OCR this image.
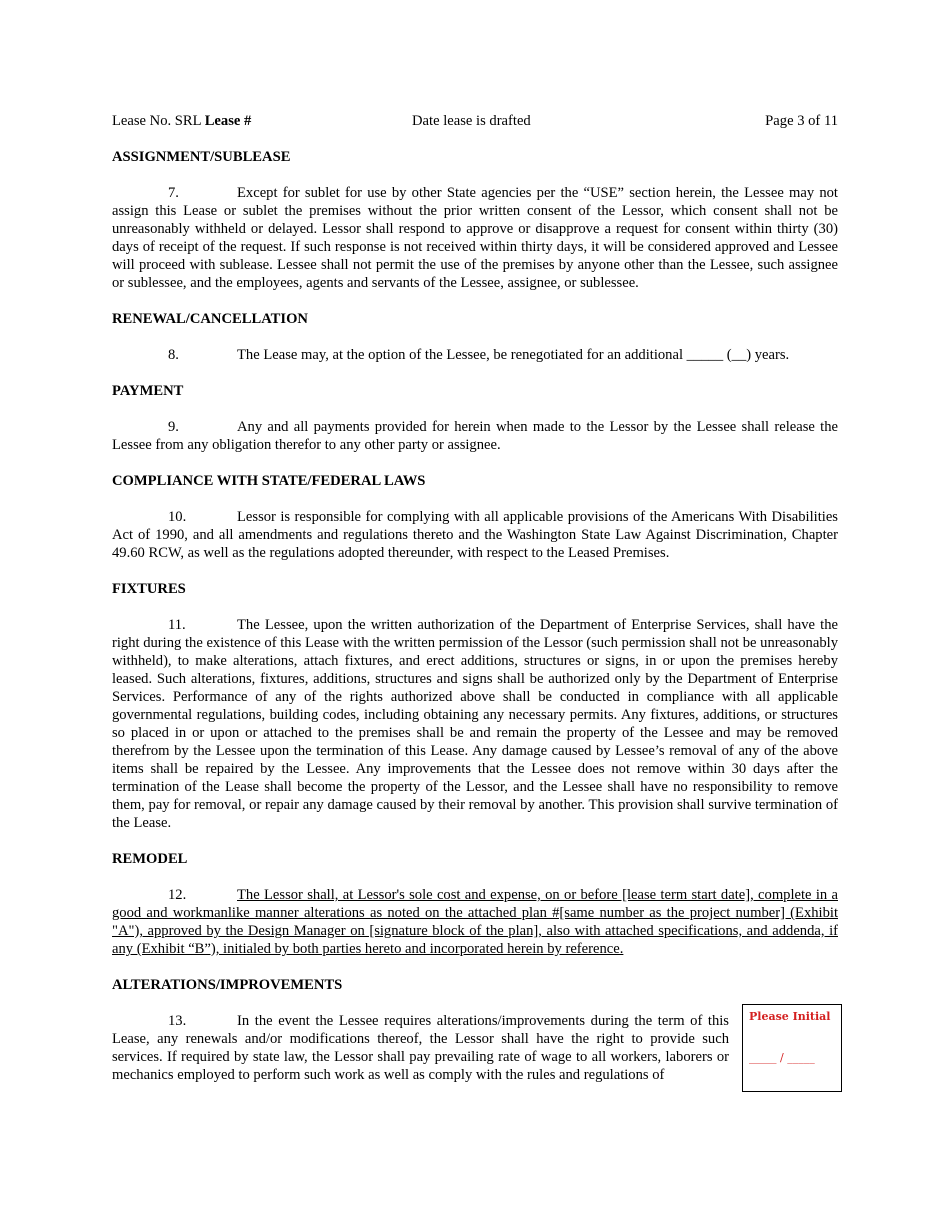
Lease No. SRL Lease #	Date lease is drafted	Page 3 of 11

ASSIGNMENT/SUBLEASE

7.	Except for sublet for use by other State agencies per the “USE” section herein, the Lessee may not assign this Lease or sublet the premises without the prior written consent of the Lessor, which consent shall not be unreasonably withheld or delayed. Lessor shall respond to approve or disapprove a request for consent within thirty (30) days of receipt of the request. If such response is not received within thirty days, it will be considered approved and Lessee will proceed with sublease. Lessee shall not permit the use of the premises by anyone other than the Lessee, such assignee or sublessee, and the employees, agents and servants of the Lessee, assignee, or sublessee.

RENEWAL/CANCELLATION

8.	The Lease may, at the option of the Lessee, be renegotiated for an additional _____ (__) years.

PAYMENT

9.	Any and all payments provided for herein when made to the Lessor by the Lessee shall release the Lessee from any obligation therefor to any other party or assignee.

COMPLIANCE WITH STATE/FEDERAL LAWS

10.	Lessor is responsible for complying with all applicable provisions of the Americans With Disabilities Act of 1990, and all amendments and regulations thereto and the Washington State Law Against Discrimination, Chapter 49.60 RCW, as well as the regulations adopted thereunder, with respect to the Leased Premises.

FIXTURES

11.	The Lessee, upon the written authorization of the Department of Enterprise Services, shall have the right during the existence of this Lease with the written permission of the Lessor (such permission shall not be unreasonably withheld), to make alterations, attach fixtures, and erect additions, structures or signs, in or upon the premises hereby leased. Such alterations, fixtures, additions, structures and signs shall be authorized only by the Department of Enterprise Services. Performance of any of the rights authorized above shall be conducted in compliance with all applicable governmental regulations, building codes, including obtaining any necessary permits. Any fixtures, additions, or structures so placed in or upon or attached to the premises shall be and remain the property of the Lessee and may be removed therefrom by the Lessee upon the termination of this Lease. Any damage caused by Lessee’s removal of any of the above items shall be repaired by the Lessee. Any improvements that the Lessee does not remove within 30 days after the termination of the Lease shall become the property of the Lessor, and the Lessee shall have no responsibility to remove them, pay for removal, or repair any damage caused by their removal by another. This provision shall survive termination of the Lease.

REMODEL

12.	The Lessor shall, at Lessor's sole cost and expense, on or before [lease term start date], complete in a good and workmanlike manner alterations as noted on the attached plan #[same number as the project number] (Exhibit "A"), approved by the Design Manager on [signature block of the plan], also with attached specifications, and addenda, if any (Exhibit “B”), initialed by both parties hereto and incorporated herein by reference.

ALTERATIONS/IMPROVEMENTS

13.	In the event the Lessee requires alterations/improvements during the term of this Lease, any renewals and/or modifications thereof, the Lessor shall have the right to provide such services. If required by state law, the Lessor shall pay prevailing rate of wage to all workers, laborers or mechanics employed to perform such work as well as comply with the rules and regulations of

Please Initial
_____ / _____
